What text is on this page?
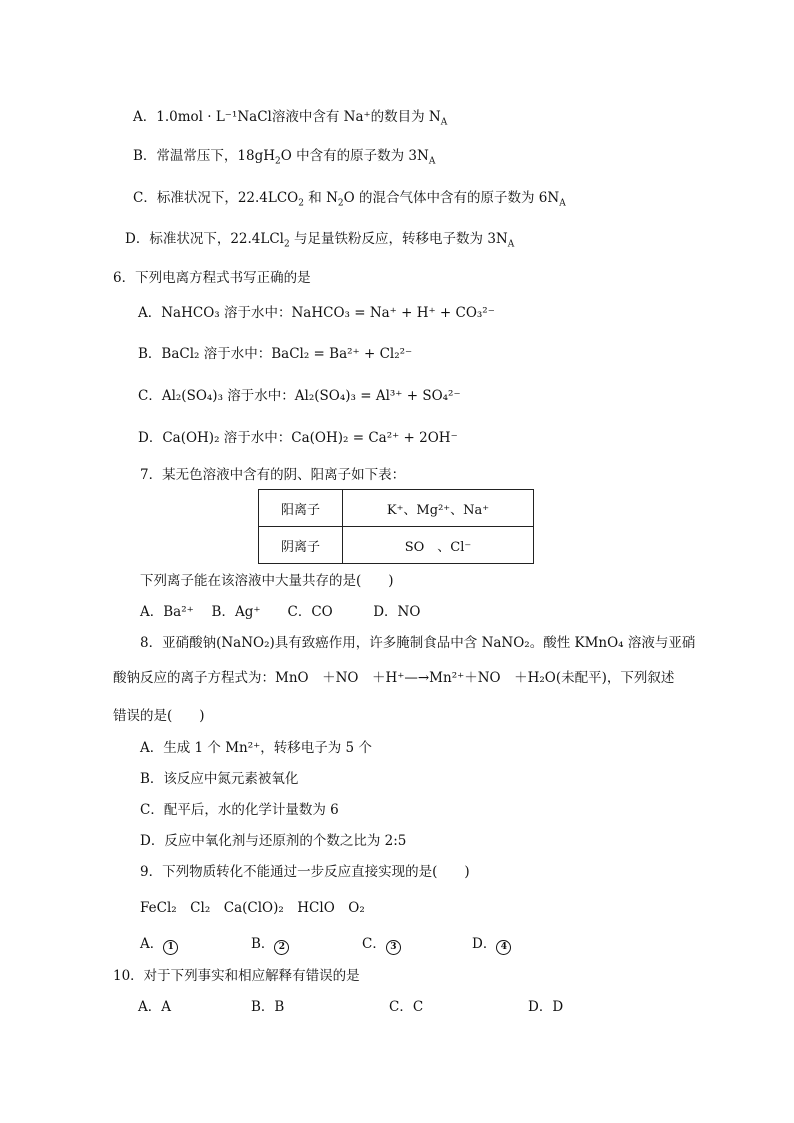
A．1.0mol · L⁻¹NaCl溶液中含有 Na⁺的数目为 $N_A$
B．常温常压下，$18gH_2O$ 中含有的原子数为 $3N_A$
C．标准状况下，$22.4LCO_2$ 和 $N_2O$ 的混合气体中含有的原子数为 $6N_A$
D．标准状况下，22.4LCl$_2$ 与足量铁粉反应，转移电子数为 $3N_A$
6．下列电离方程式书写正确的是
A．NaHCO₃ 溶于水中：NaHCO₃ = Na⁺ + H⁺ + CO₃²⁻
B．BaCl₂ 溶于水中：BaCl₂ = Ba²⁺ + Cl₂²⁻
C．Al₂(SO₄)₃ 溶于水中：Al₂(SO₄)₃ = Al³⁺ + SO₄²⁻
D．Ca(OH)₂ 溶于水中：Ca(OH)₂ = Ca²⁺ + 2OH⁻
7．某无色溶液中含有的阴、阳离子如下表：
阳离子	K⁺、Mg²⁺、Na⁺
阴离子	SO　、Cl⁻
下列离子能在该溶液中大量共存的是(　　)
A．Ba²⁺　 B．Ag⁺　　C．CO　　　D．NO
8．亚硝酸钠(NaNO₂)具有致癌作用，许多腌制食品中含 NaNO₂。酸性 KMnO₄ 溶液与亚硝
酸钠反应的离子方程式为：MnO　＋NO　＋H⁺—→Mn²⁺＋NO　＋H₂O(未配平)，下列叙述
错误的是(　　)
A．生成 1 个 Mn²⁺，转移电子为 5 个
B．该反应中氮元素被氧化
C．配平后，水的化学计量数为 6
D．反应中氧化剂与还原剂的个数之比为 2:5
9．下列物质转化不能通过一步反应直接实现的是(　　)
FeCl₂　Cl₂　Ca(ClO)₂　HClO　O₂
A． 1	B． 2	C． 3	D． 4
10．对于下列事实和相应解释有错误的是
A．A	B．B	C．C	D．D
